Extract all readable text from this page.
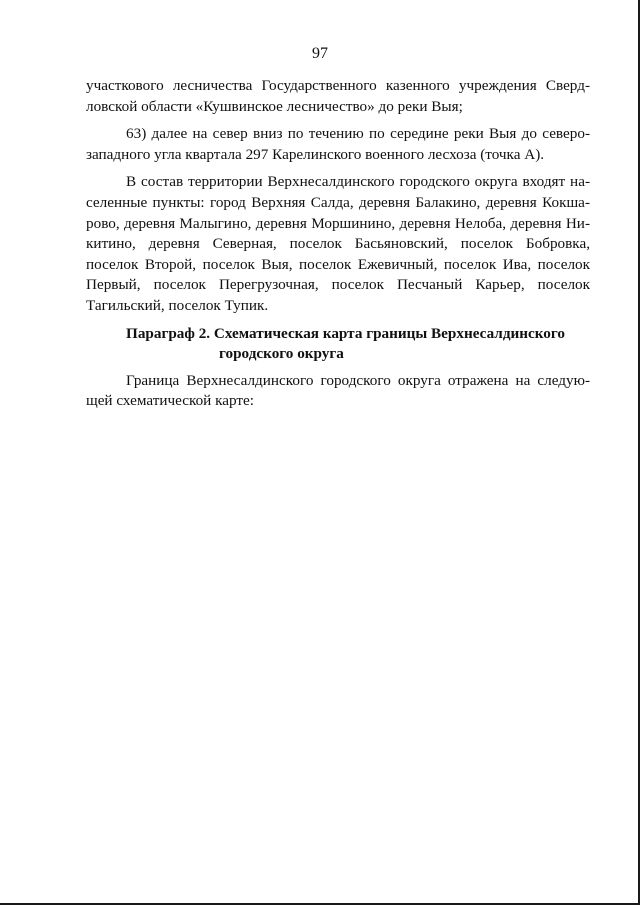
97

участкового лесничества Государственного казенного учреждения Свердловской области «Кушвинское лесничество» до реки Выя;

63) далее на север вниз по течению по середине реки Выя до северо-западного угла квартала 297 Карелинского военного лесхоза (точка А).

В состав территории Верхнесалдинского городского округа входят населенные пункты: город Верхняя Салда, деревня Балакино, деревня Кокшарово, деревня Малыгино, деревня Моршинино, деревня Нелоба, деревня Никитино, деревня Северная, поселок Басьяновский, поселок Бобровка, поселок Второй, поселок Выя, поселок Ежевичный, поселок Ива, поселок Первый, поселок Перегрузочная, поселок Песчаный Карьер, поселок Тагильский, поселок Тупик.

Параграф 2. Схематическая карта границы Верхнесалдинского
городского округа

Граница Верхнесалдинского городского округа отражена на следующей схематической карте:
